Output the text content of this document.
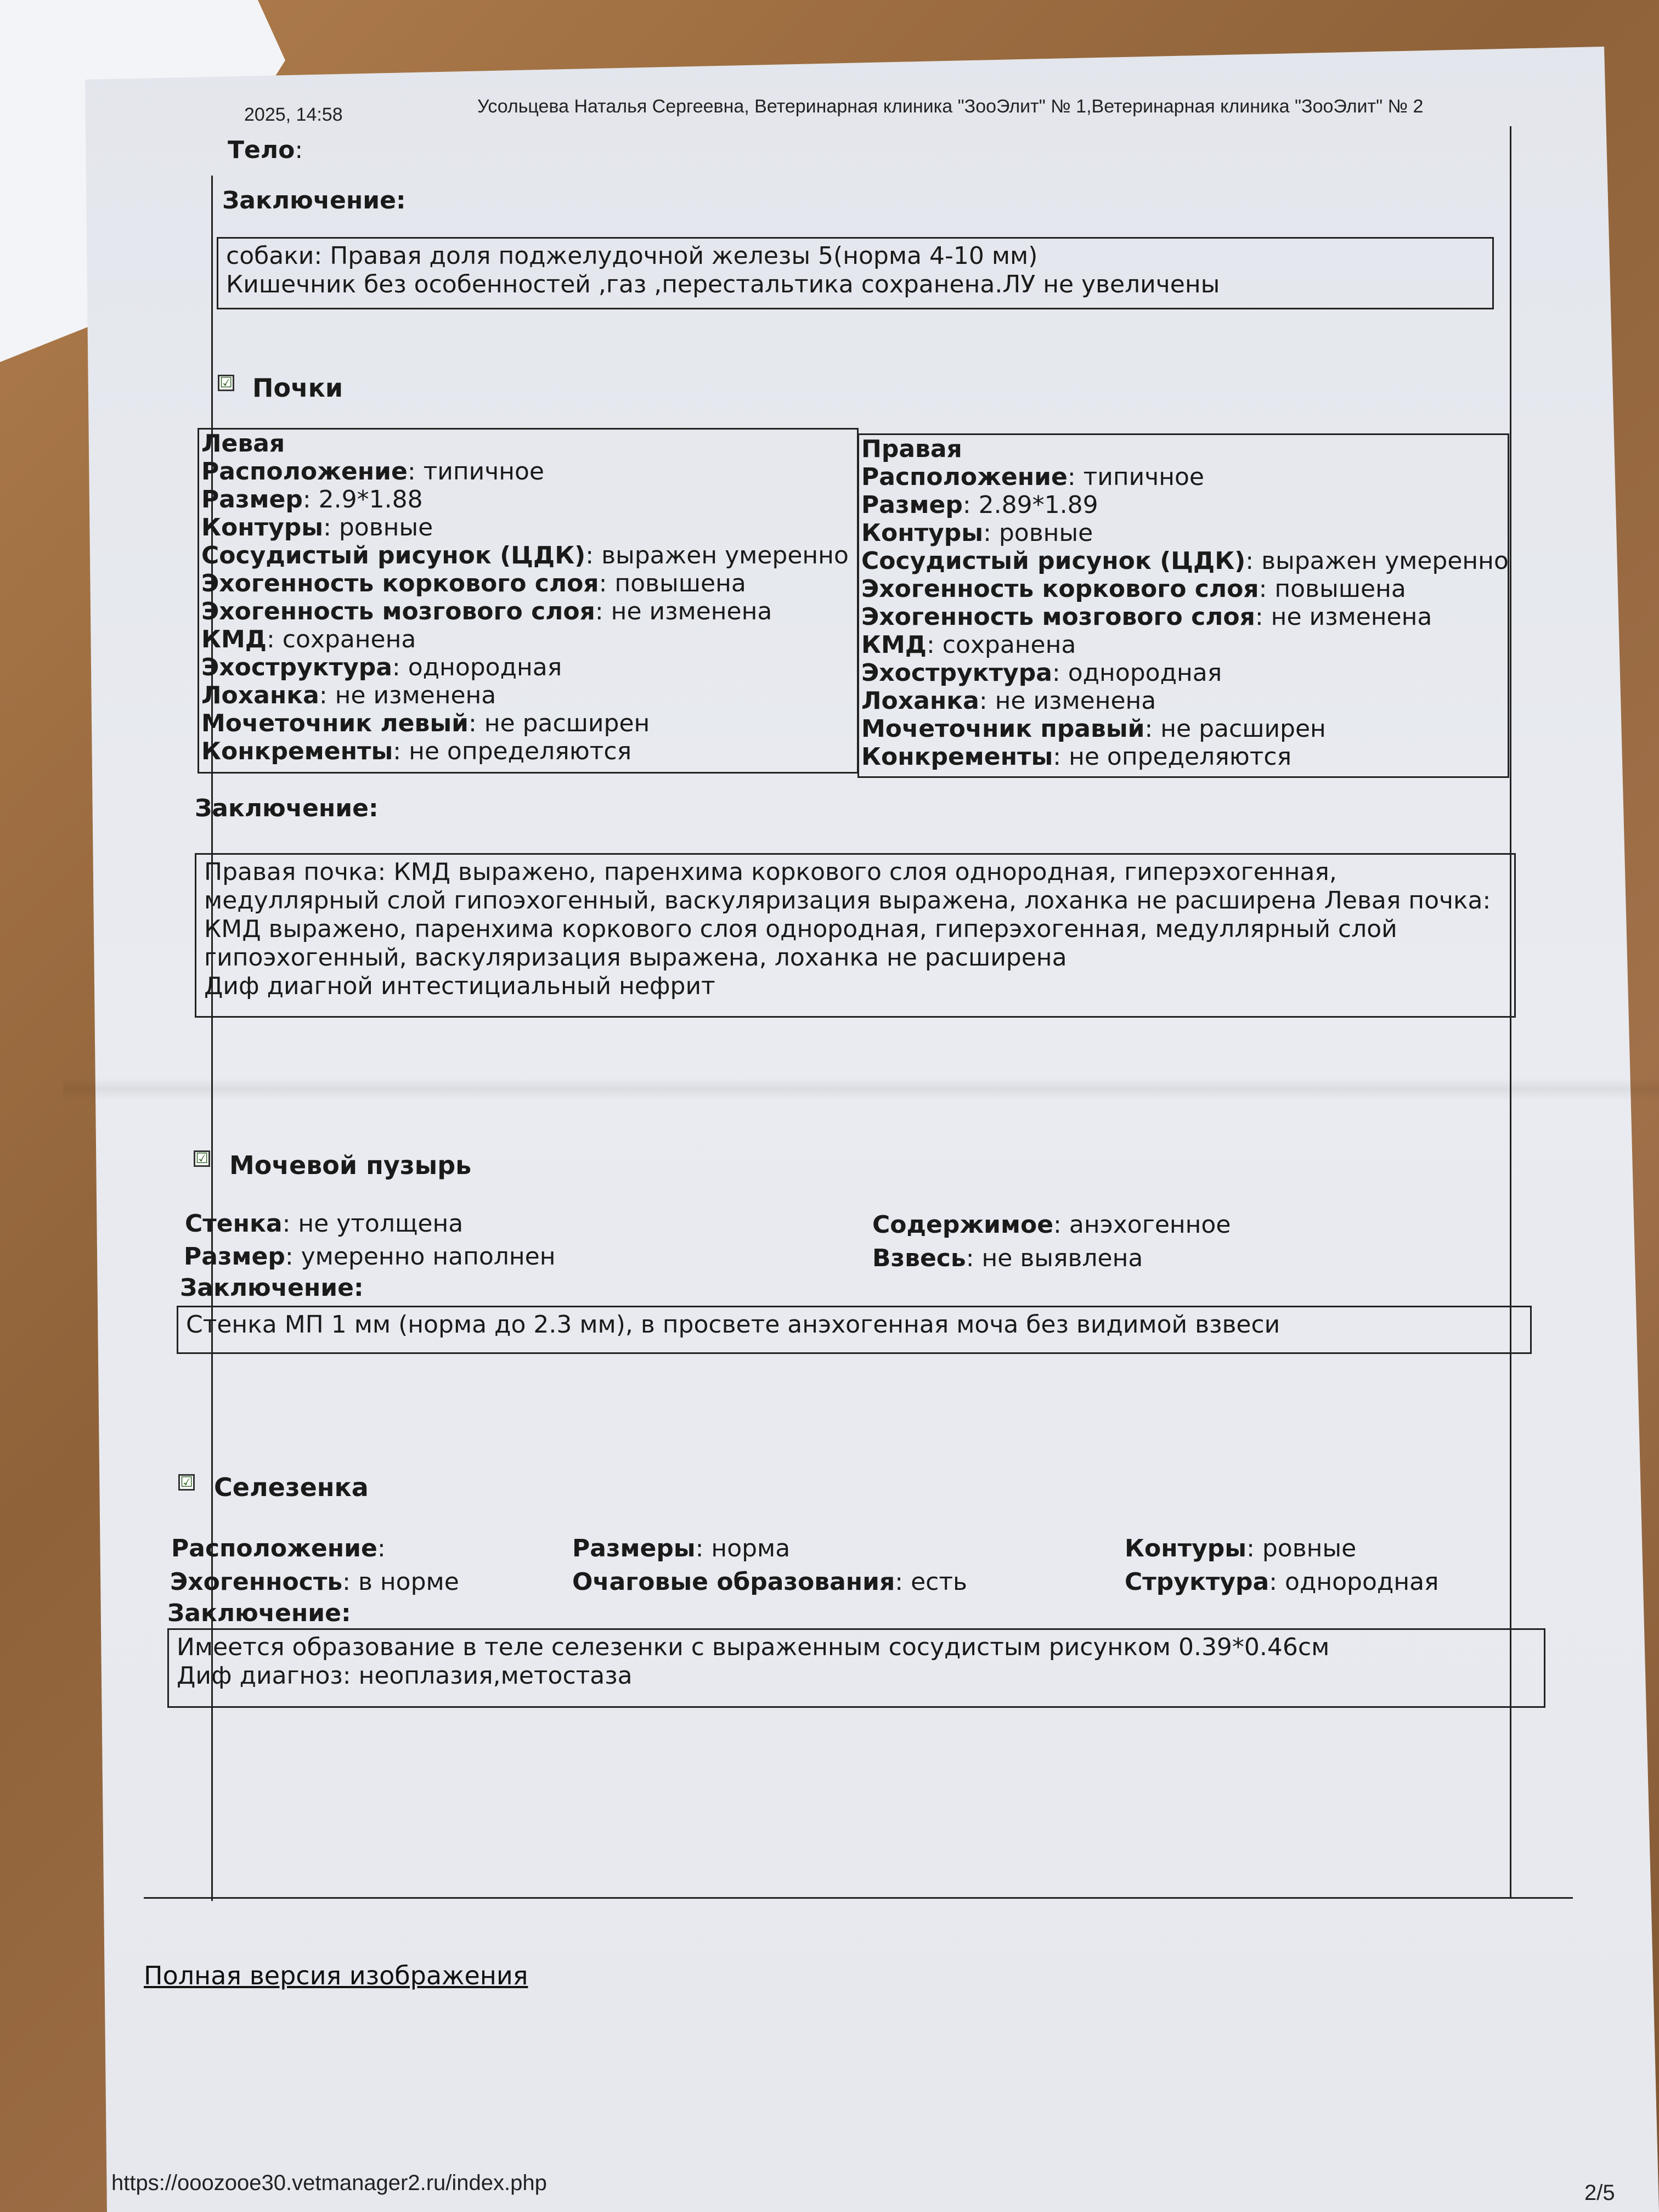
2025, 14:58	Усольцева Наталья Сергеевна, Ветеринарная клиника "ЗооЭлит" № 1,Ветеринарная клиника "ЗооЭлит" № 2
Тело:
Заключение:
собаки: Правая доля поджелудочной железы 5(норма 4-10 мм)
Кишечник без особенностей ,газ ,перестальтика сохранена.ЛУ не увеличены
☑ Почки
Левая
Расположение: типичное
Размер: 2.9*1.88
Контуры: ровные
Сосудистый рисунок (ЦДК): выражен умеренно
Эхогенность коркового слоя: повышена
Эхогенность мозгового слоя: не изменена
КМД: сохранена
Эхоструктура: однородная
Лоханка: не изменена
Мочеточник левый: не расширен
Конкременты: не определяются
Правая
Расположение: типичное
Размер: 2.89*1.89
Контуры: ровные
Сосудистый рисунок (ЦДК): выражен умеренно
Эхогенность коркового слоя: повышена
Эхогенность мозгового слоя: не изменена
КМД: сохранена
Эхоструктура: однородная
Лоханка: не изменена
Мочеточник правый: не расширен
Конкременты: не определяются
Заключение:
Правая почка: КМД выражено, паренхима коркового слоя однородная, гиперэхогенная,
медуллярный слой гипоэхогенный, васкуляризация выражена, лоханка не расширена Левая почка:
КМД выражено, паренхима коркового слоя однородная, гиперэхогенная, медуллярный слой
гипоэхогенный, васкуляризация выражена, лоханка не расширена
Диф диагной интестициальный нефрит
☑ Мочевой пузырь
Стенка: не утолщена
Размер: умеренно наполнен
Содержимое: анэхогенное
Взвесь: не выявлена
Заключение:
Стенка МП 1 мм (норма до 2.3 мм), в просвете анэхогенная моча без видимой взвеси
☑ Селезенка
Расположение:
Эхогенность: в норме
Размеры: норма
Очаговые образования: есть
Контуры: ровные
Структура: однородная
Заключение:
Имеется образование в теле селезенки с выраженным сосудистым рисунком 0.39*0.46см
Диф диагноз: неоплазия,метостаза
Полная версия изображения
https://ooozooe30.vetmanager2.ru/index.php	2/5
